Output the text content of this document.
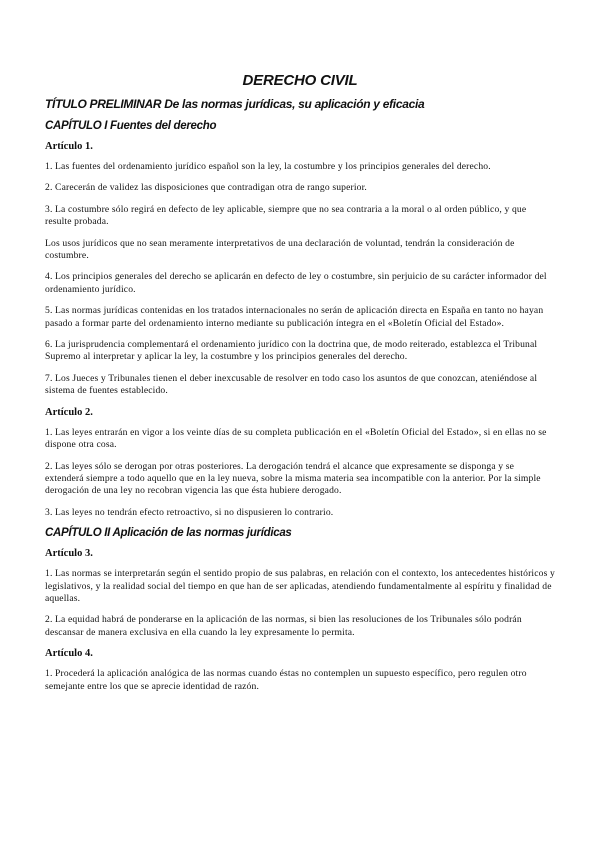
DERECHO CIVIL
TÍTULO PRELIMINAR De las normas jurídicas, su aplicación y eficacia
CAPÍTULO I Fuentes del derecho
Artículo 1.

1. Las fuentes del ordenamiento jurídico español son la ley, la costumbre y los principios generales del derecho.

2. Carecerán de validez las disposiciones que contradigan otra de rango superior.

3. La costumbre sólo regirá en defecto de ley aplicable, siempre que no sea contraria a la moral o al orden público, y que resulte probada.

Los usos jurídicos que no sean meramente interpretativos de una declaración de voluntad, tendrán la consideración de costumbre.

4. Los principios generales del derecho se aplicarán en defecto de ley o costumbre, sin perjuicio de su carácter informador del ordenamiento jurídico.

5. Las normas jurídicas contenidas en los tratados internacionales no serán de aplicación directa en España en tanto no hayan pasado a formar parte del ordenamiento interno mediante su publicación íntegra en el «Boletín Oficial del Estado».

6. La jurisprudencia complementará el ordenamiento jurídico con la doctrina que, de modo reiterado, establezca el Tribunal Supremo al interpretar y aplicar la ley, la costumbre y los principios generales del derecho.

7. Los Jueces y Tribunales tienen el deber inexcusable de resolver en todo caso los asuntos de que conozcan, ateniéndose al sistema de fuentes establecido.

Artículo 2.

1. Las leyes entrarán en vigor a los veinte días de su completa publicación en el «Boletín Oficial del Estado», si en ellas no se dispone otra cosa.

2. Las leyes sólo se derogan por otras posteriores. La derogación tendrá el alcance que expresamente se disponga y se extenderá siempre a todo aquello que en la ley nueva, sobre la misma materia sea incompatible con la anterior. Por la simple derogación de una ley no recobran vigencia las que ésta hubiere derogado.

3. Las leyes no tendrán efecto retroactivo, si no dispusieren lo contrario.

CAPÍTULO II Aplicación de las normas jurídicas
Artículo 3.

1. Las normas se interpretarán según el sentido propio de sus palabras, en relación con el contexto, los antecedentes históricos y legislativos, y la realidad social del tiempo en que han de ser aplicadas, atendiendo fundamentalmente al espíritu y finalidad de aquellas.

2. La equidad habrá de ponderarse en la aplicación de las normas, si bien las resoluciones de los Tribunales sólo podrán descansar de manera exclusiva en ella cuando la ley expresamente lo permita.

Artículo 4.

1. Procederá la aplicación analógica de las normas cuando éstas no contemplen un supuesto específico, pero regulen otro semejante entre los que se aprecie identidad de razón.
